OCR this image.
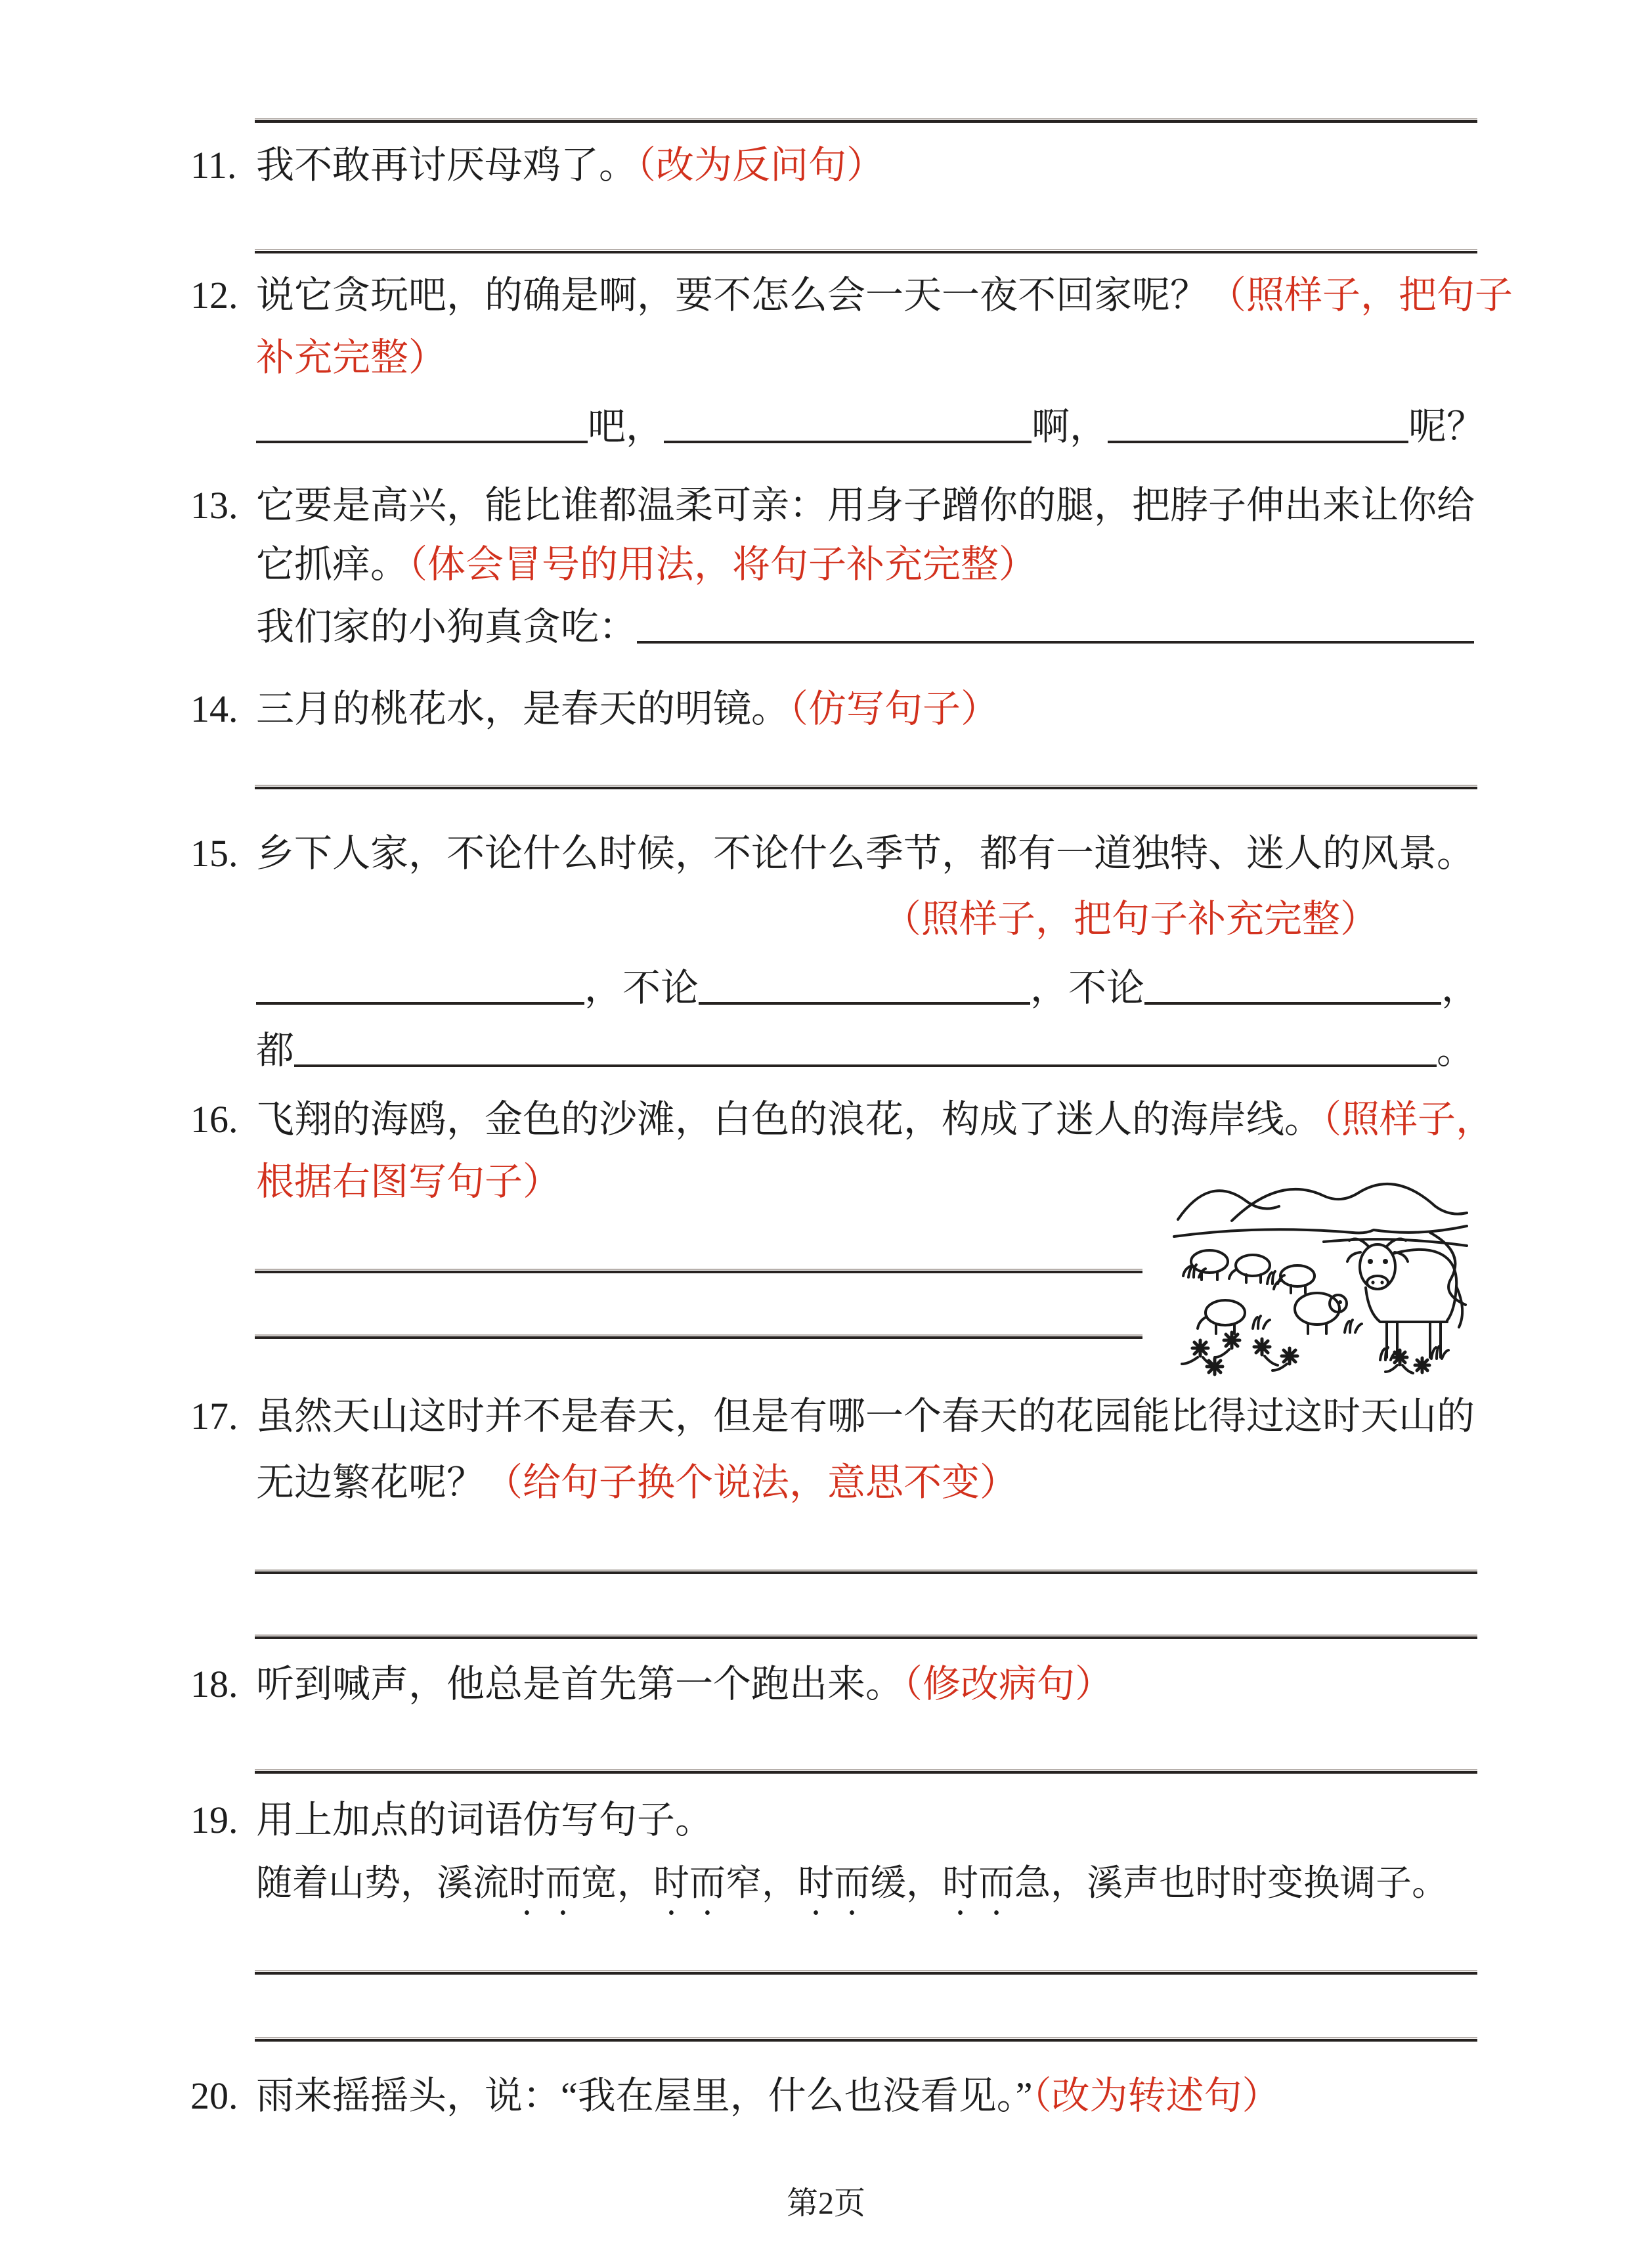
11. 我不敢再讨厌母鸡了。（改为反问句）
12. 说它贪玩吧，的确是啊，要不怎么会一天一夜不回家呢？（照样子，把句子
补充完整）
吧，	啊，	呢？
13. 它要是高兴，能比谁都温柔可亲：用身子蹭你的腿，把脖子伸出来让你给
它抓痒。（体会冒号的用法，将句子补充完整）
我们家的小狗真贪吃：
14. 三月的桃花水，是春天的明镜。（仿写句子）
15. 乡下人家，不论什么时候，不论什么季节，都有一道独特、迷人的风景。
（照样子，把句子补充完整）
，不论	，不论	，
都	。
16. 飞翔的海鸥，金色的沙滩，白色的浪花，构成了迷人的海岸线。（照样子，
根据右图写句子）
17. 虽然天山这时并不是春天，但是有哪一个春天的花园能比得过这时天山的
无边繁花呢？（给句子换个说法，意思不变）
18. 听到喊声，他总是首先第一个跑出来。（修改病句）
19. 用上加点的词语仿写句子。
随着山势，溪流时而宽，时而窄，时而缓，时而急，溪声也时时变换调子。
20. 雨来摇摇头，说：“我在屋里，什么也没看见。”（改为转述句）
第2页
